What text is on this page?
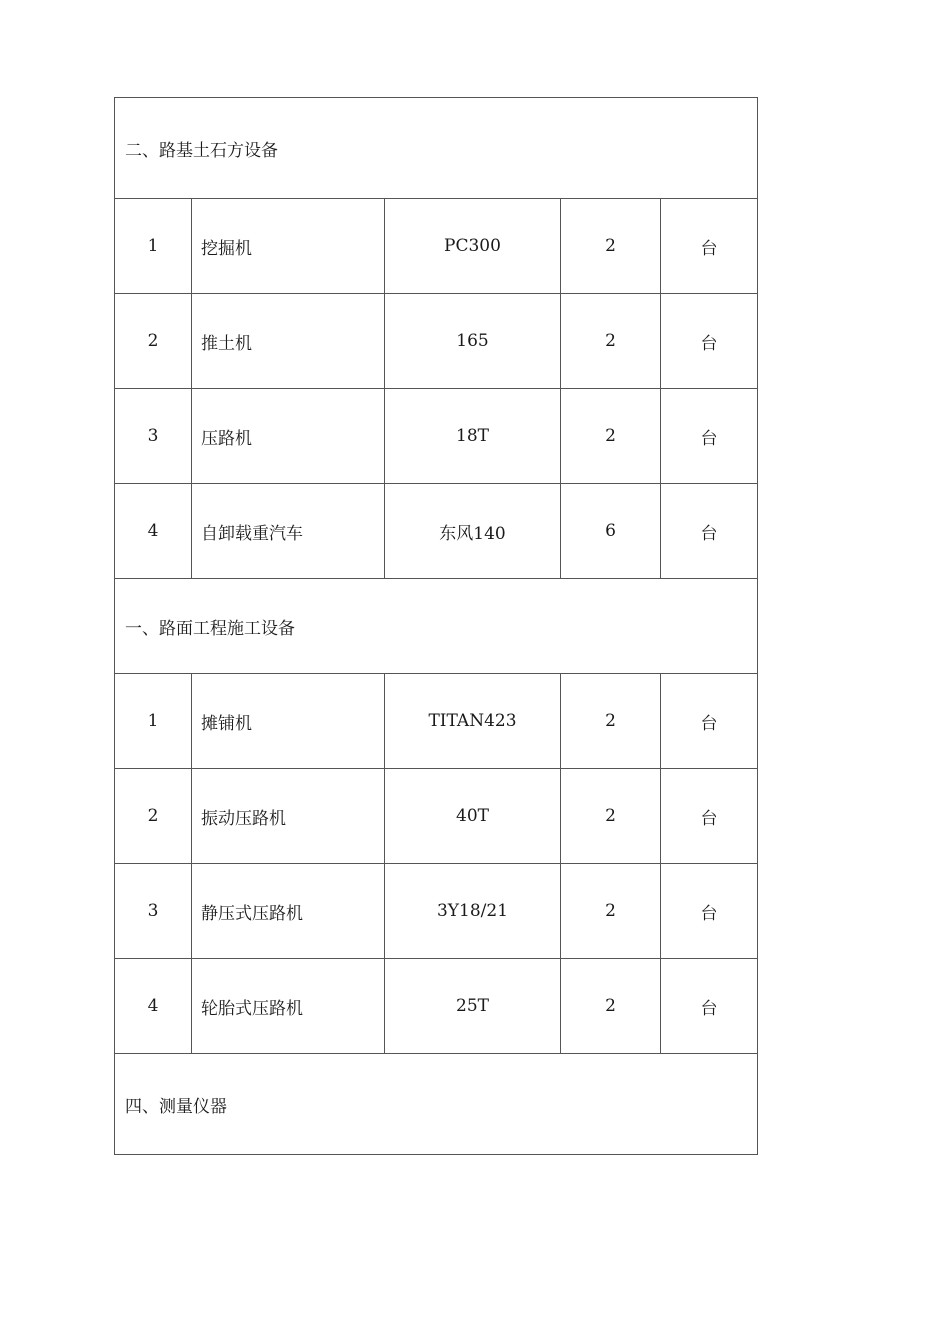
二、路基土石方设备				
1	挖掘机	PC300	2	台
2	推土机	165	2	台
3	压路机	18T	2	台
4	自卸载重汽车	东风140	6	台
一、路面工程施工设备				
1	摊铺机	TITAN423	2	台
2	振动压路机	40T	2	台
3	静压式压路机	3Y18/21	2	台
4	轮胎式压路机	25T	2	台
四、测量仪器				
